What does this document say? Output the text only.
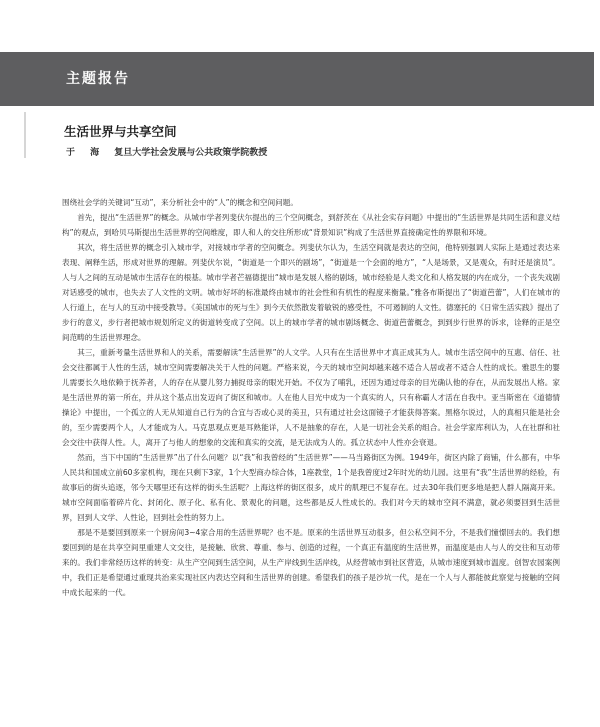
主题报告
生活世界与共享空间
于 海 复旦大学社会发展与公共政策学院教授

围绕社会学的关键词“互动”，来分析社会中的“人”的概念和空间问题。

首先，提出“生活世界”的概念。从城市学者列斐伏尔提出的三个空间概念，到舒茨在《从社会实存问题》中提出的“生活世界是共同生活和意义结构”的观点，到哈贝马斯提出生活世界的空间维度，即人和人的交往所形成“背景知识”构成了生活世界直接确定性的界限和环境。

其次，将生活世界的概念引入城市学，对接城市学者的空间概念。列斐伏尔认为，生活空间就是表达的空间，他特别强调人实际上是通过表达来表现、阐释生活，形成对世界的理解。列斐伏尔说，“街道是一个即兴的剧场”，“街道是一个会面的地方”，“人是场景，又是观众，有时还是演员”。人与人之间的互动是城市生活存在的根基。城市学者芒福德提出“城市是发展人格的剧场，城市经验是人类文化和人格发展的内在成分，一个丧失戏剧对话感受的城市，也失去了人文性的文明。城市好坏的标准最终由城市的社会性和有机性的程度来衡量。”雅各布斯提出了“街道芭蕾”，人们在城市的人行道上，在与人的互动中接受教导。《美国城市的死与生》到今天依然散发着敏锐的感受性，不可遏制的人文性。德塞托的《日常生活实践》提出了步行的意义，步行者把城市规划所定义的街道转变成了空间。以上的城市学者的城市剧场概念、街道芭蕾概念，到到步行世界的诉求，诠释的正是空间范畴的生活世界理念。

其三，重新考量生活世界和人的关系，需要解读“生活世界”的人文学。人只有在生活世界中才真正成其为人。城市生活空间中的互惠、信任、社会交往都属于人性的生活，城市空间需要解决关于人性的问题。严格来说，今天的城市空间却越来越不适合人居或者不适合人性的成长。雅思生的婴儿需要长久地依赖于抚养者，人的存在从婴儿努力捕捉母亲的眼光开始。不仅为了哺乳，还因为通过母亲的目光确认他的存在，从而发展出人格。家是生活世界的第一所在，并从这个基点出发迈向了街区和城市。人在他人目光中成为一个真实的人，只有称霸人才活在自我中。亚当斯密在《道德情操论》中提出，一个孤立的人无从知道自己行为的合宜与否或心灵的美丑，只有通过社会这面镜子才能获得答案。黑格尔说过，人的真相只能是社会的，至少需要两个人，人才能成为人。马克思观点更是耳熟能详，人不是抽象的存在，人是一切社会关系的组合。社会学家库利认为，人在社群和社会交往中获得人性。人，离开了与他人的想象的交流和真实的交流，是无法成为人的。孤立状态中人性亦会衰退。

然而，当下中国的“生活世界”出了什么问题？以“我”和我曾经的“生活世界”——马当路街区为例。1949年，街区内除了商铺，什么都有，中华人民共和国成立前60多家机构，现在只剩下3家，1个大型商办综合体，1座教堂，1个是我曾度过2年时光的幼儿园。这里有“我”生活世界的经验，有故事后的街头追逐，邻今天哪里还有这样的街头生活呢？上海这样的街区很多，成片的肌理已不复存在。过去30年我们更多地是把人群人隔离开来。城市空间面临着碎片化、封闭化、原子化、私有化、景观化的问题，这些都是反人性成长的。我们对今天的城市空间不满意，就必须要回到生活世界，回到人文学、人性论，回到社会性的努力上。

那是不是要回到原来一个厨房间3~4家合用的生活世界呢？也不是。原来的生活世界互动很多，但公私空间不分，不是我们憧憬回去的。我们想要回到的是在共享空间里重建人文交往，是接触、欣赏、尊重、参与、创造的过程，一个真正有温度的生活世界，而温度是由人与人的交往和互动带来的。我们非常经历这样的转变：从生产空间到生活空间，从生产岸线到生活岸线，从经营城市到社区营造，从城市速度到城市温度。创智农园案例中，我们正是希望通过重现共治来实现社区内表达空间和生活世界的创建。希望我们的孩子是沙坑一代，是在一个人与人都能彼此察觉与接触的空间中成长起来的一代。
